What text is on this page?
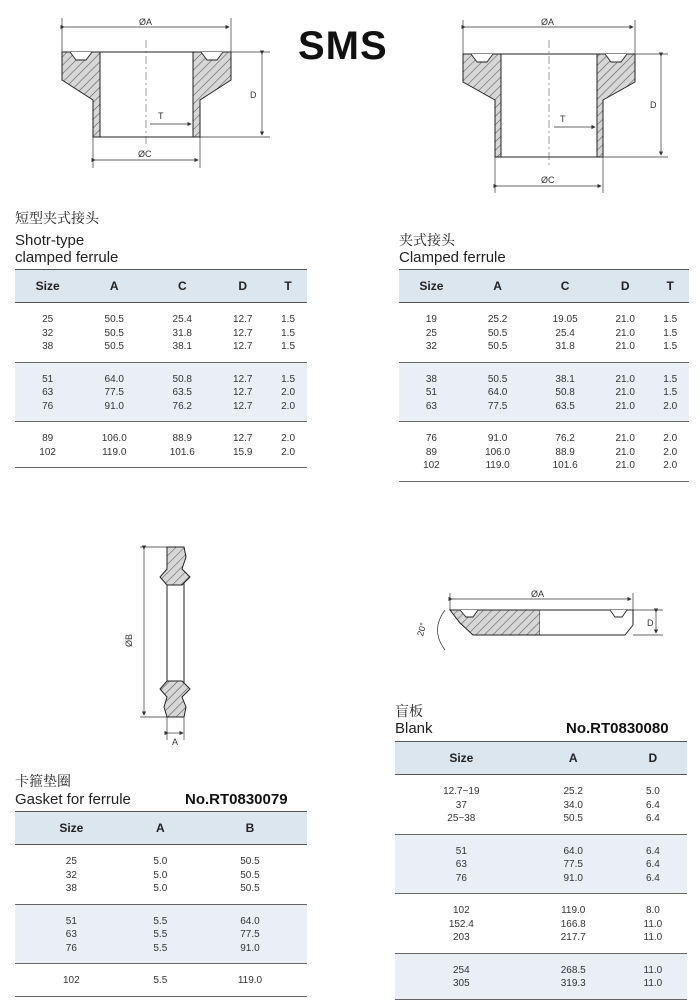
SMS
ØA
D
T
ØC
ØA
D
T
ØC
短型夹式接头
Shotr-type
clamped ferrule
夹式接头
Clamped ferrule
Size	A	C	D	T
25	50.5	25.4	12.7	1.5
32	50.5	31.8	12.7	1.5
38	50.5	38.1	12.7	1.5
51	64.0	50.8	12.7	1.5
63	77.5	63.5	12.7	2.0
76	91.0	76.2	12.7	2.0
89	106.0	88.9	12.7	2.0
102	119.0	101.6	15.9	2.0
Size	A	C	D	T
19	25.2	19.05	21.0	1.5
25	50.5	25.4	21.0	1.5
32	50.5	31.8	21.0	1.5
38	50.5	38.1	21.0	1.5
51	64.0	50.8	21.0	1.5
63	77.5	63.5	21.0	2.0
76	91.0	76.2	21.0	2.0
89	106.0	88.9	21.0	2.0
102	119.0	101.6	21.0	2.0
ØB
A
ØA
20°	D
卡箍垫圈
Gasket for ferrule	No.RT0830079
Size	A	B
25	5.0	50.5
32	5.0	50.5
38	5.0	50.5
51	5.5	64.0
63	5.5	77.5
76	5.5	91.0
102	5.5	119.0
盲板
Blank	No.RT0830080
Size	A	D
12.7~19	25.2	5.0
37	34.0	6.4
25~38	50.5	6.4
51	64.0	6.4
63	77.5	6.4
76	91.0	6.4
102	119.0	8.0
152.4	166.8	11.0
203	217.7	11.0
254	268.5	11.0
305	319.3	11.0
